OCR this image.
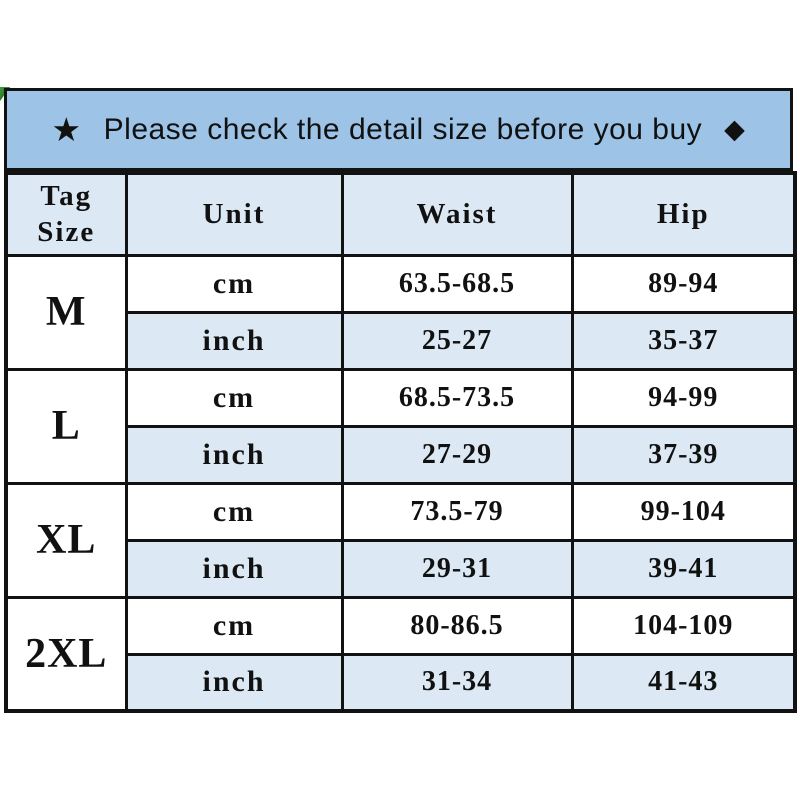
★ Please check the detail size before you buy ◆
Tag
Size	Unit	Waist	Hip
M	cm	63.5-68.5	89-94
	inch	25-27	35-37
L	cm	68.5-73.5	94-99
	inch	27-29	37-39
XL	cm	73.5-79	99-104
	inch	29-31	39-41
2XL	cm	80-86.5	104-109
	inch	31-34	41-43
